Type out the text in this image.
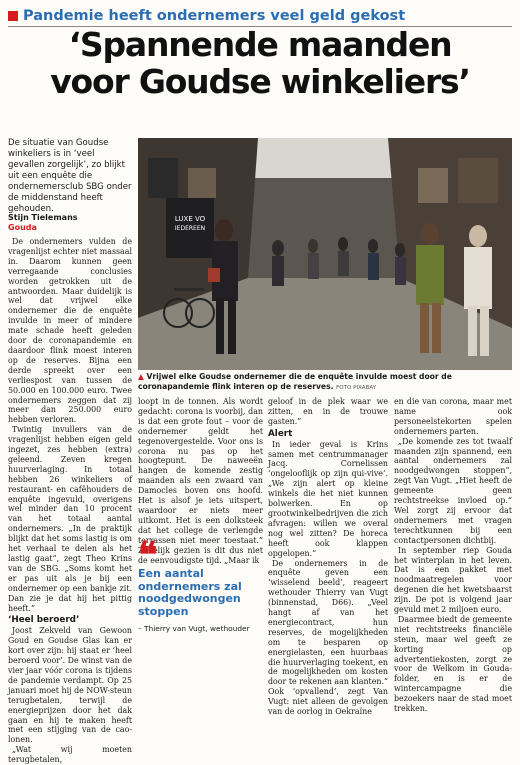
Pandemie heeft ondernemers veel geld gekost
‘Spannende maanden
voor Goudse winkeliers’
De situatie van Goudse winkeliers is in ‘veel gevallen zorgelijk’, zo blijkt uit een enquête die ondernemersclub SBG onder de middenstand heeft gehouden.
Stijn Tielemans
Gouda
LUXE VO
IEDEREEN
▲ Vrijwel elke Goudse ondernemer die de enquête invulde moest door de coronapandemie flink interen op de reserves. FOTO PIXABAY

De ondernemers vulden de vragenlijst echter niet massaal in. Daarom kunnen geen verregaande conclusies worden getrokken uit de antwoorden. Maar duidelijk is wel dat vrijwel elke ondernemer die de enquête invulde in meer of mindere mate schade heeft geleden door de coronapandemie en daardoor flink moest interen op de reserves. Bijna een derde spreekt over een verliespost van tussen de 50.000 en 100.000 euro. Twee ondernemers zeggen dat zij meer dan 250.000 euro hebben verloren.

Twintig invullers van de vragenlijst hebben eigen geld ingezet, zes hebben (extra) geleend. Zeven kregen huurverlaging. In totaal hebben 26 winkeliers of restaurant- en cafêhouders de enquête ingevuld, overigens wel minder dan 10 procent van het totaal aantal ondernemers. „In de praktijk blijkt dat het soms lastig is om het verhaal te delen als het lastig gaat”, zegt Theo Krins van de SBG. „Soms komt het er pas uit als je bij een ondernemer op een bankje zit. Dan zie je dat hij het pittig heeft.”

‘Heel beroerd’

Joost Zekveld van Gewoon Goud en Goudse Glas kan er kort over zijn: hij staat er ‘heel beroerd voor’. De winst van de vier jaar vóór corona is tijdens de pandemie verdampt. Op 25 januari moet hij de NOW-steun terugbetalen, terwijl de energieprijzen door het dak gaan en hij te maken heeft met een stijging van de cao-lonen.

„Wat wij moeten terugbetalen,

loopt in de tonnen. Als wordt gedacht: corona is voorbij, dan is dat een grote fout – voor de ondernemer geldt het tegenovergestelde. Voor ons is corona nu pas op het hoogtepunt. De naweeën hangen de komende zestig maanden als een zwaard van Damocles boven ons hoofd. Het is alsof je iets uitspert, waardoor er niets meer uitkomt. Het is een dolksteek dat het college de verlengde terrassen niet meer toestaat.” Zakelijk gezien is dit dus niet de eenvoudigste tijd. „Maar ik

❝
Een aantal ondernemers zal noodgedwongen stoppen
– Thierry van Vugt, wethouder

geloof in de plek waar we zitten, en in de trouwe gasten.”

Alert

In ieder geval is Krins samen met centrummanager Jacq. Cornelissen ‘ongelooflijk op zijn qui-vive’. „We zijn alert op kleine winkels die het niet kunnen bolwerken. En op grootwinkelbedrijven die zich afvragen: willen we overal nog wel zitten? De horeca heeft ook klappen opgelopen.”

De ondernemers in de enquête geven een ‘wisselend beeld’, reageert wethouder Thierry van Vugt (binnenstad, D66). „Veel hangt af van het energiecontract, hun reserves, de mogelijkheden om te besparen op energielasten, een huurbaas die huurverlaging toekent, en de mogelijkheden om kosten door te rekenen aan klanten.” Ook ‘opvallend’, zegt Van Vugt: niet alleen de gevolgen van de oorlog in Oekraïne

en die van corona, maar met name ook personeelstekorten spelen ondernemers parten.

„De komende zes tot twaalf maanden zijn spannend, een aantal ondernemers zal noodgedwongen stoppen”, zegt Van Vugt. „Hiet heeft de gemeente geen rechtstreekse invloed op.” Wel zorgt zij ervoor dat ondernemers met vragen terechtkunnen bij een contactpersonen dichtbij.

In september riep Gouda het winterplan in het leven. Dat is een pakket met noodmaatregelen voor degenen die het kwetsbaarst zijn. De pot is volgend jaar gevuld met 2 miljoen euro.

Daarmee biedt de gemeente niet rechtstreeks financiële steun, maar wel geeft ze korting op advertentiekosten, zorgt ze voor de Welkom in Gouda-folder, en is er de wintercampagne die bezoekers naar de stad moet trekken.
